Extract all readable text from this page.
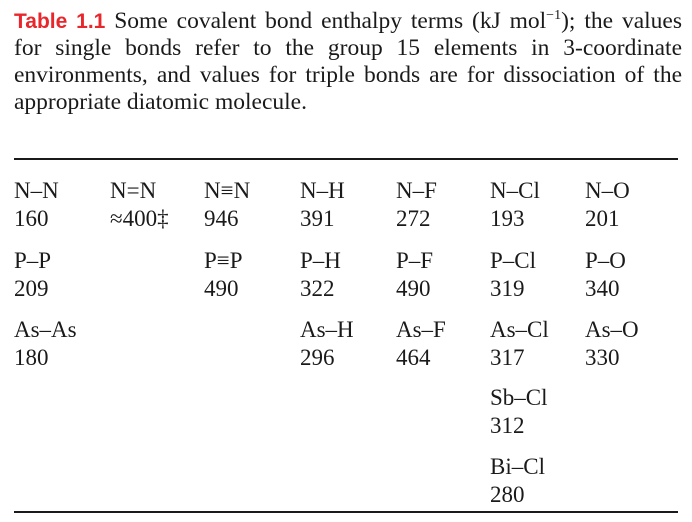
Table 1.1 Some covalent bond enthalpy terms (kJ mol$^{-1}$); the values for single bonds refer to the group 15 elements in 3-coordinate environments, and values for triple bonds are for dissociation of the appropriate diatomic molecule.
N–N
160
N=N
≈400‡
N≡N
946
N–H
391
N–F
272
N–Cl
193
N–O
201
P–P
209
P≡P
490
P–H
322
P–F
490
P–Cl
319
P–O
340
As–As
180
As–H
296
As–F
464
As–Cl
317
As–O
330
Sb–Cl
312
Bi–Cl
280
